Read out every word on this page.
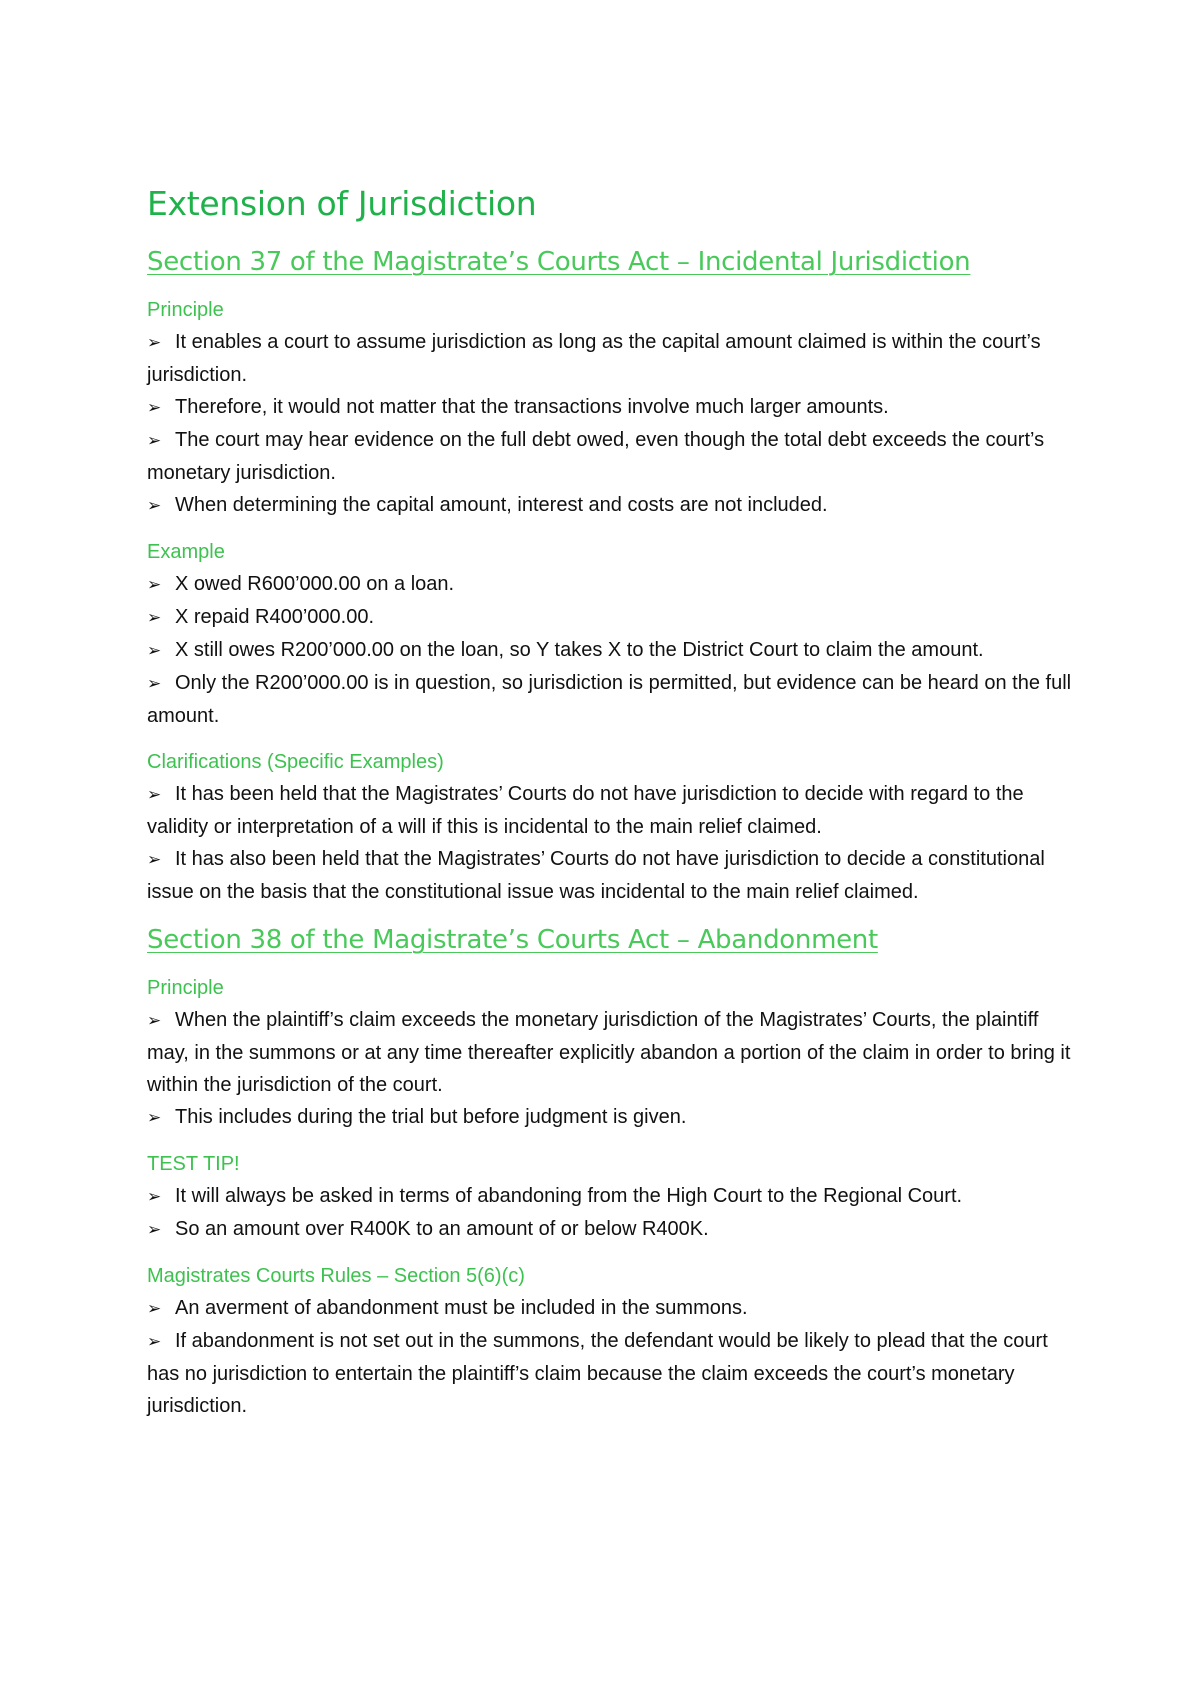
Extension of Jurisdiction
Section 37 of the Magistrate’s Courts Act – Incidental Jurisdiction
Principle
➢ It enables a court to assume jurisdiction as long as the capital amount claimed is within the court’s jurisdiction.
➢ Therefore, it would not matter that the transactions involve much larger amounts.
➢ The court may hear evidence on the full debt owed, even though the total debt exceeds the court’s monetary jurisdiction.
➢ When determining the capital amount, interest and costs are not included.
Example
➢ X owed R600’000.00 on a loan.
➢ X repaid R400’000.00.
➢ X still owes R200’000.00 on the loan, so Y takes X to the District Court to claim the amount.
➢ Only the R200’000.00 is in question, so jurisdiction is permitted, but evidence can be heard on the full amount.
Clarifications (Specific Examples)
➢ It has been held that the Magistrates’ Courts do not have jurisdiction to decide with regard to the validity or interpretation of a will if this is incidental to the main relief claimed.
➢ It has also been held that the Magistrates’ Courts do not have jurisdiction to decide a constitutional issue on the basis that the constitutional issue was incidental to the main relief claimed.
Section 38 of the Magistrate’s Courts Act – Abandonment
Principle
➢ When the plaintiff’s claim exceeds the monetary jurisdiction of the Magistrates’ Courts, the plaintiff may, in the summons or at any time thereafter explicitly abandon a portion of the claim in order to bring it within the jurisdiction of the court.
➢ This includes during the trial but before judgment is given.
TEST TIP!
➢ It will always be asked in terms of abandoning from the High Court to the Regional Court.
➢ So an amount over R400K to an amount of or below R400K.
Magistrates Courts Rules – Section 5(6)(c)
➢ An averment of abandonment must be included in the summons.
➢ If abandonment is not set out in the summons, the defendant would be likely to plead that the court has no jurisdiction to entertain the plaintiff’s claim because the claim exceeds the court’s monetary jurisdiction.
